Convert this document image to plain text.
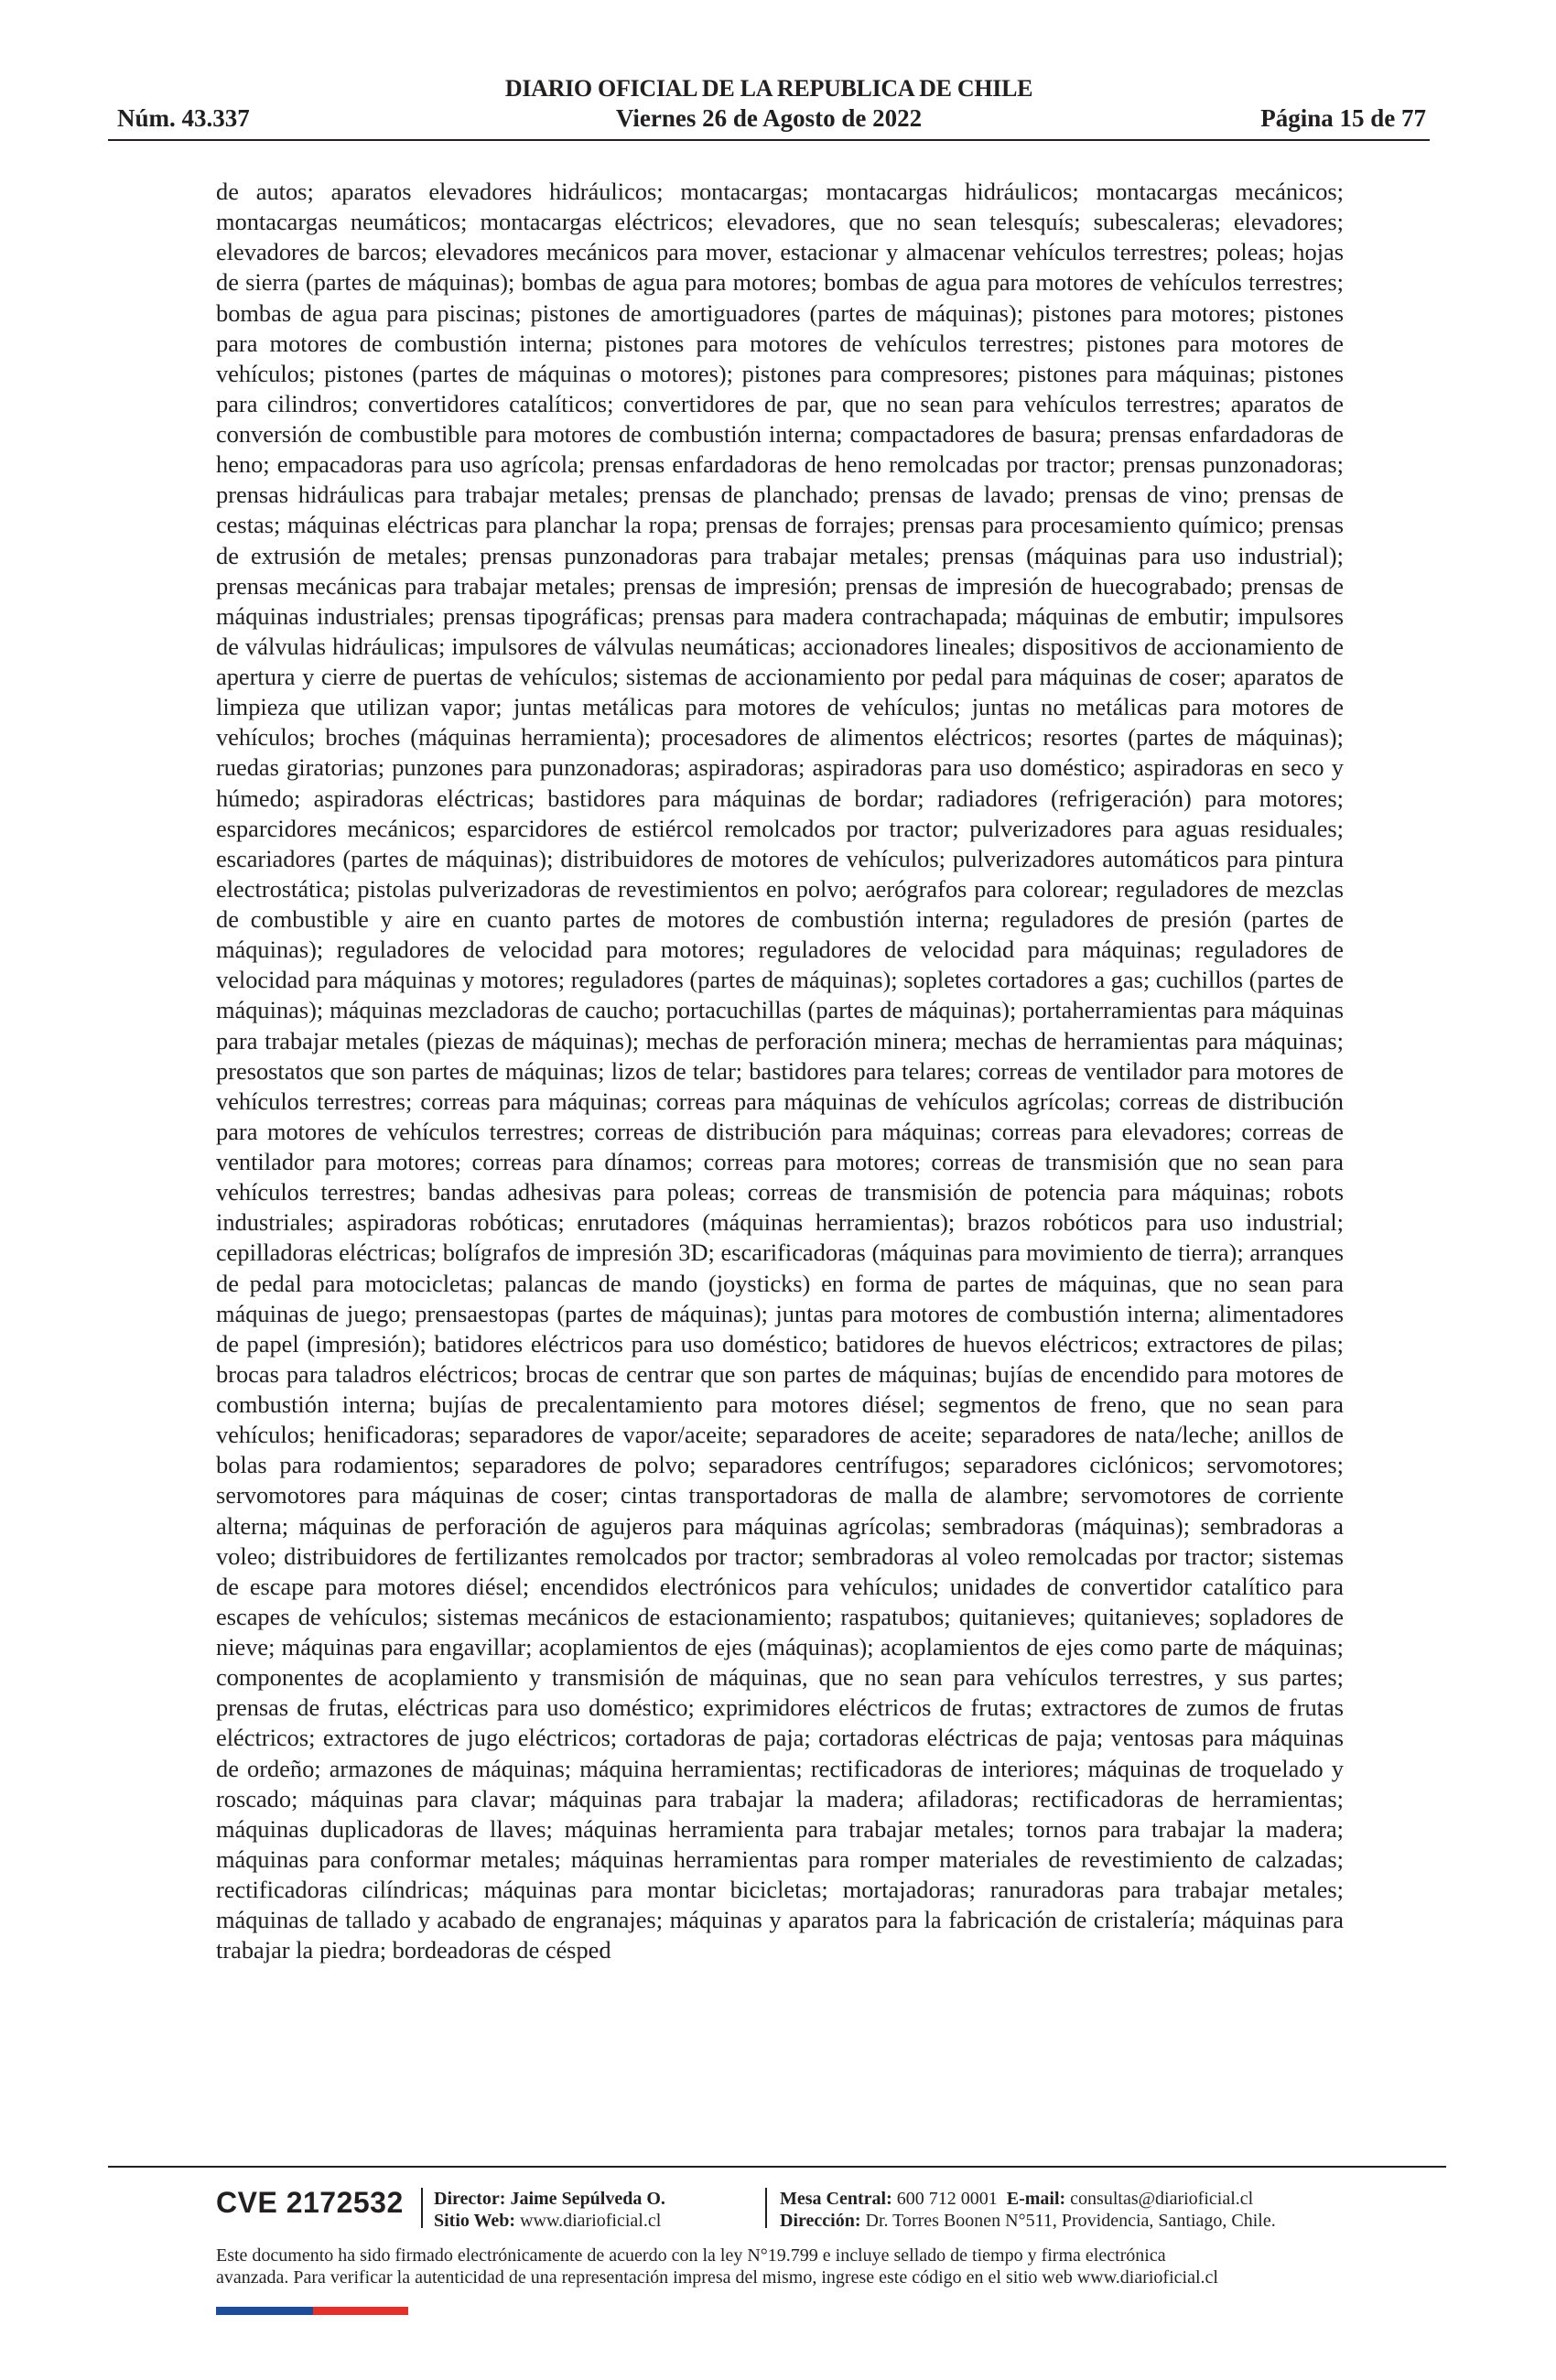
DIARIO OFICIAL DE LA REPUBLICA DE CHILE
Núm. 43.337	Viernes 26 de Agosto de 2022	Página 15 de 77
de autos; aparatos elevadores hidráulicos; montacargas; montacargas hidráulicos; montacargas mecánicos; montacargas neumáticos; montacargas eléctricos; elevadores, que no sean telesquís; subescaleras; elevadores; elevadores de barcos; elevadores mecánicos para mover, estacionar y almacenar vehículos terrestres; poleas; hojas de sierra (partes de máquinas); bombas de agua para motores; bombas de agua para motores de vehículos terrestres; bombas de agua para piscinas; pistones de amortiguadores (partes de máquinas); pistones para motores; pistones para motores de combustión interna; pistones para motores de vehículos terrestres; pistones para motores de vehículos; pistones (partes de máquinas o motores); pistones para compresores; pistones para máquinas; pistones para cilindros; convertidores catalíticos; convertidores de par, que no sean para vehículos terrestres; aparatos de conversión de combustible para motores de combustión interna; compactadores de basura; prensas enfardadoras de heno; empacadoras para uso agrícola; prensas enfardadoras de heno remolcadas por tractor; prensas punzonadoras; prensas hidráulicas para trabajar metales; prensas de planchado; prensas de lavado; prensas de vino; prensas de cestas; máquinas eléctricas para planchar la ropa; prensas de forrajes; prensas para procesamiento químico; prensas de extrusión de metales; prensas punzonadoras para trabajar metales; prensas (máquinas para uso industrial); prensas mecánicas para trabajar metales; prensas de impresión; prensas de impresión de huecograbado; prensas de máquinas industriales; prensas tipográficas; prensas para madera contrachapada; máquinas de embutir; impulsores de válvulas hidráulicas; impulsores de válvulas neumáticas; accionadores lineales; dispositivos de accionamiento de apertura y cierre de puertas de vehículos; sistemas de accionamiento por pedal para máquinas de coser; aparatos de limpieza que utilizan vapor; juntas metálicas para motores de vehículos; juntas no metálicas para motores de vehículos; broches (máquinas herramienta); procesadores de alimentos eléctricos; resortes (partes de máquinas); ruedas giratorias; punzones para punzonadoras; aspiradoras; aspiradoras para uso doméstico; aspiradoras en seco y húmedo; aspiradoras eléctricas; bastidores para máquinas de bordar; radiadores (refrigeración) para motores; esparcidores mecánicos; esparcidores de estiércol remolcados por tractor; pulverizadores para aguas residuales; escariadores (partes de máquinas); distribuidores de motores de vehículos; pulverizadores automáticos para pintura electrostática; pistolas pulverizadoras de revestimientos en polvo; aerógrafos para colorear; reguladores de mezclas de combustible y aire en cuanto partes de motores de combustión interna; reguladores de presión (partes de máquinas); reguladores de velocidad para motores; reguladores de velocidad para máquinas; reguladores de velocidad para máquinas y motores; reguladores (partes de máquinas); sopletes cortadores a gas; cuchillos (partes de máquinas); máquinas mezcladoras de caucho; portacuchillas (partes de máquinas); portaherramientas para máquinas para trabajar metales (piezas de máquinas); mechas de perforación minera; mechas de herramientas para máquinas; presostatos que son partes de máquinas; lizos de telar; bastidores para telares; correas de ventilador para motores de vehículos terrestres; correas para máquinas; correas para máquinas de vehículos agrícolas; correas de distribución para motores de vehículos terrestres; correas de distribución para máquinas; correas para elevadores; correas de ventilador para motores; correas para dínamos; correas para motores; correas de transmisión que no sean para vehículos terrestres; bandas adhesivas para poleas; correas de transmisión de potencia para máquinas; robots industriales; aspiradoras robóticas; enrutadores (máquinas herramientas); brazos robóticos para uso industrial; cepilladoras eléctricas; bolígrafos de impresión 3D; escarificadoras (máquinas para movimiento de tierra); arranques de pedal para motocicletas; palancas de mando (joysticks) en forma de partes de máquinas, que no sean para máquinas de juego; prensaestopas (partes de máquinas); juntas para motores de combustión interna; alimentadores de papel (impresión); batidores eléctricos para uso doméstico; batidores de huevos eléctricos; extractores de pilas; brocas para taladros eléctricos; brocas de centrar que son partes de máquinas; bujías de encendido para motores de combustión interna; bujías de precalentamiento para motores diésel; segmentos de freno, que no sean para vehículos; henificadoras; separadores de vapor/aceite; separadores de aceite; separadores de nata/leche; anillos de bolas para rodamientos; separadores de polvo; separadores centrífugos; separadores ciclónicos; servomotores; servomotores para máquinas de coser; cintas transportadoras de malla de alambre; servomotores de corriente alterna; máquinas de perforación de agujeros para máquinas agrícolas; sembradoras (máquinas); sembradoras a voleo; distribuidores de fertilizantes remolcados por tractor; sembradoras al voleo remolcadas por tractor; sistemas de escape para motores diésel; encendidos electrónicos para vehículos; unidades de convertidor catalítico para escapes de vehículos; sistemas mecánicos de estacionamiento; raspatubos; quitanieves; quitanieves; sopladores de nieve; máquinas para engavillar; acoplamientos de ejes (máquinas); acoplamientos de ejes como parte de máquinas; componentes de acoplamiento y transmisión de máquinas, que no sean para vehículos terrestres, y sus partes; prensas de frutas, eléctricas para uso doméstico; exprimidores eléctricos de frutas; extractores de zumos de frutas eléctricos; extractores de jugo eléctricos; cortadoras de paja; cortadoras eléctricas de paja; ventosas para máquinas de ordeño; armazones de máquinas; máquina herramientas; rectificadoras de interiores; máquinas de troquelado y roscado; máquinas para clavar; máquinas para trabajar la madera; afiladoras; rectificadoras de herramientas; máquinas duplicadoras de llaves; máquinas herramienta para trabajar metales; tornos para trabajar la madera; máquinas para conformar metales; máquinas herramientas para romper materiales de revestimiento de calzadas; rectificadoras cilíndricas; máquinas para montar bicicletas; mortajadoras; ranuradoras para trabajar metales; máquinas de tallado y acabado de engranajes; máquinas y aparatos para la fabricación de cristalería; máquinas para trabajar la piedra; bordeadoras de césped
CVE 2172532 Director: Jaime Sepúlveda O.
Sitio Web: www.diarioficial.cl
Mesa Central: 600 712 0001 E-mail: consultas@diarioficial.cl
Dirección: Dr. Torres Boonen N°511, Providencia, Santiago, Chile.
Este documento ha sido firmado electrónicamente de acuerdo con la ley N°19.799 e incluye sellado de tiempo y firma electrónica
avanzada. Para verificar la autenticidad de una representación impresa del mismo, ingrese este código en el sitio web www.diarioficial.cl
